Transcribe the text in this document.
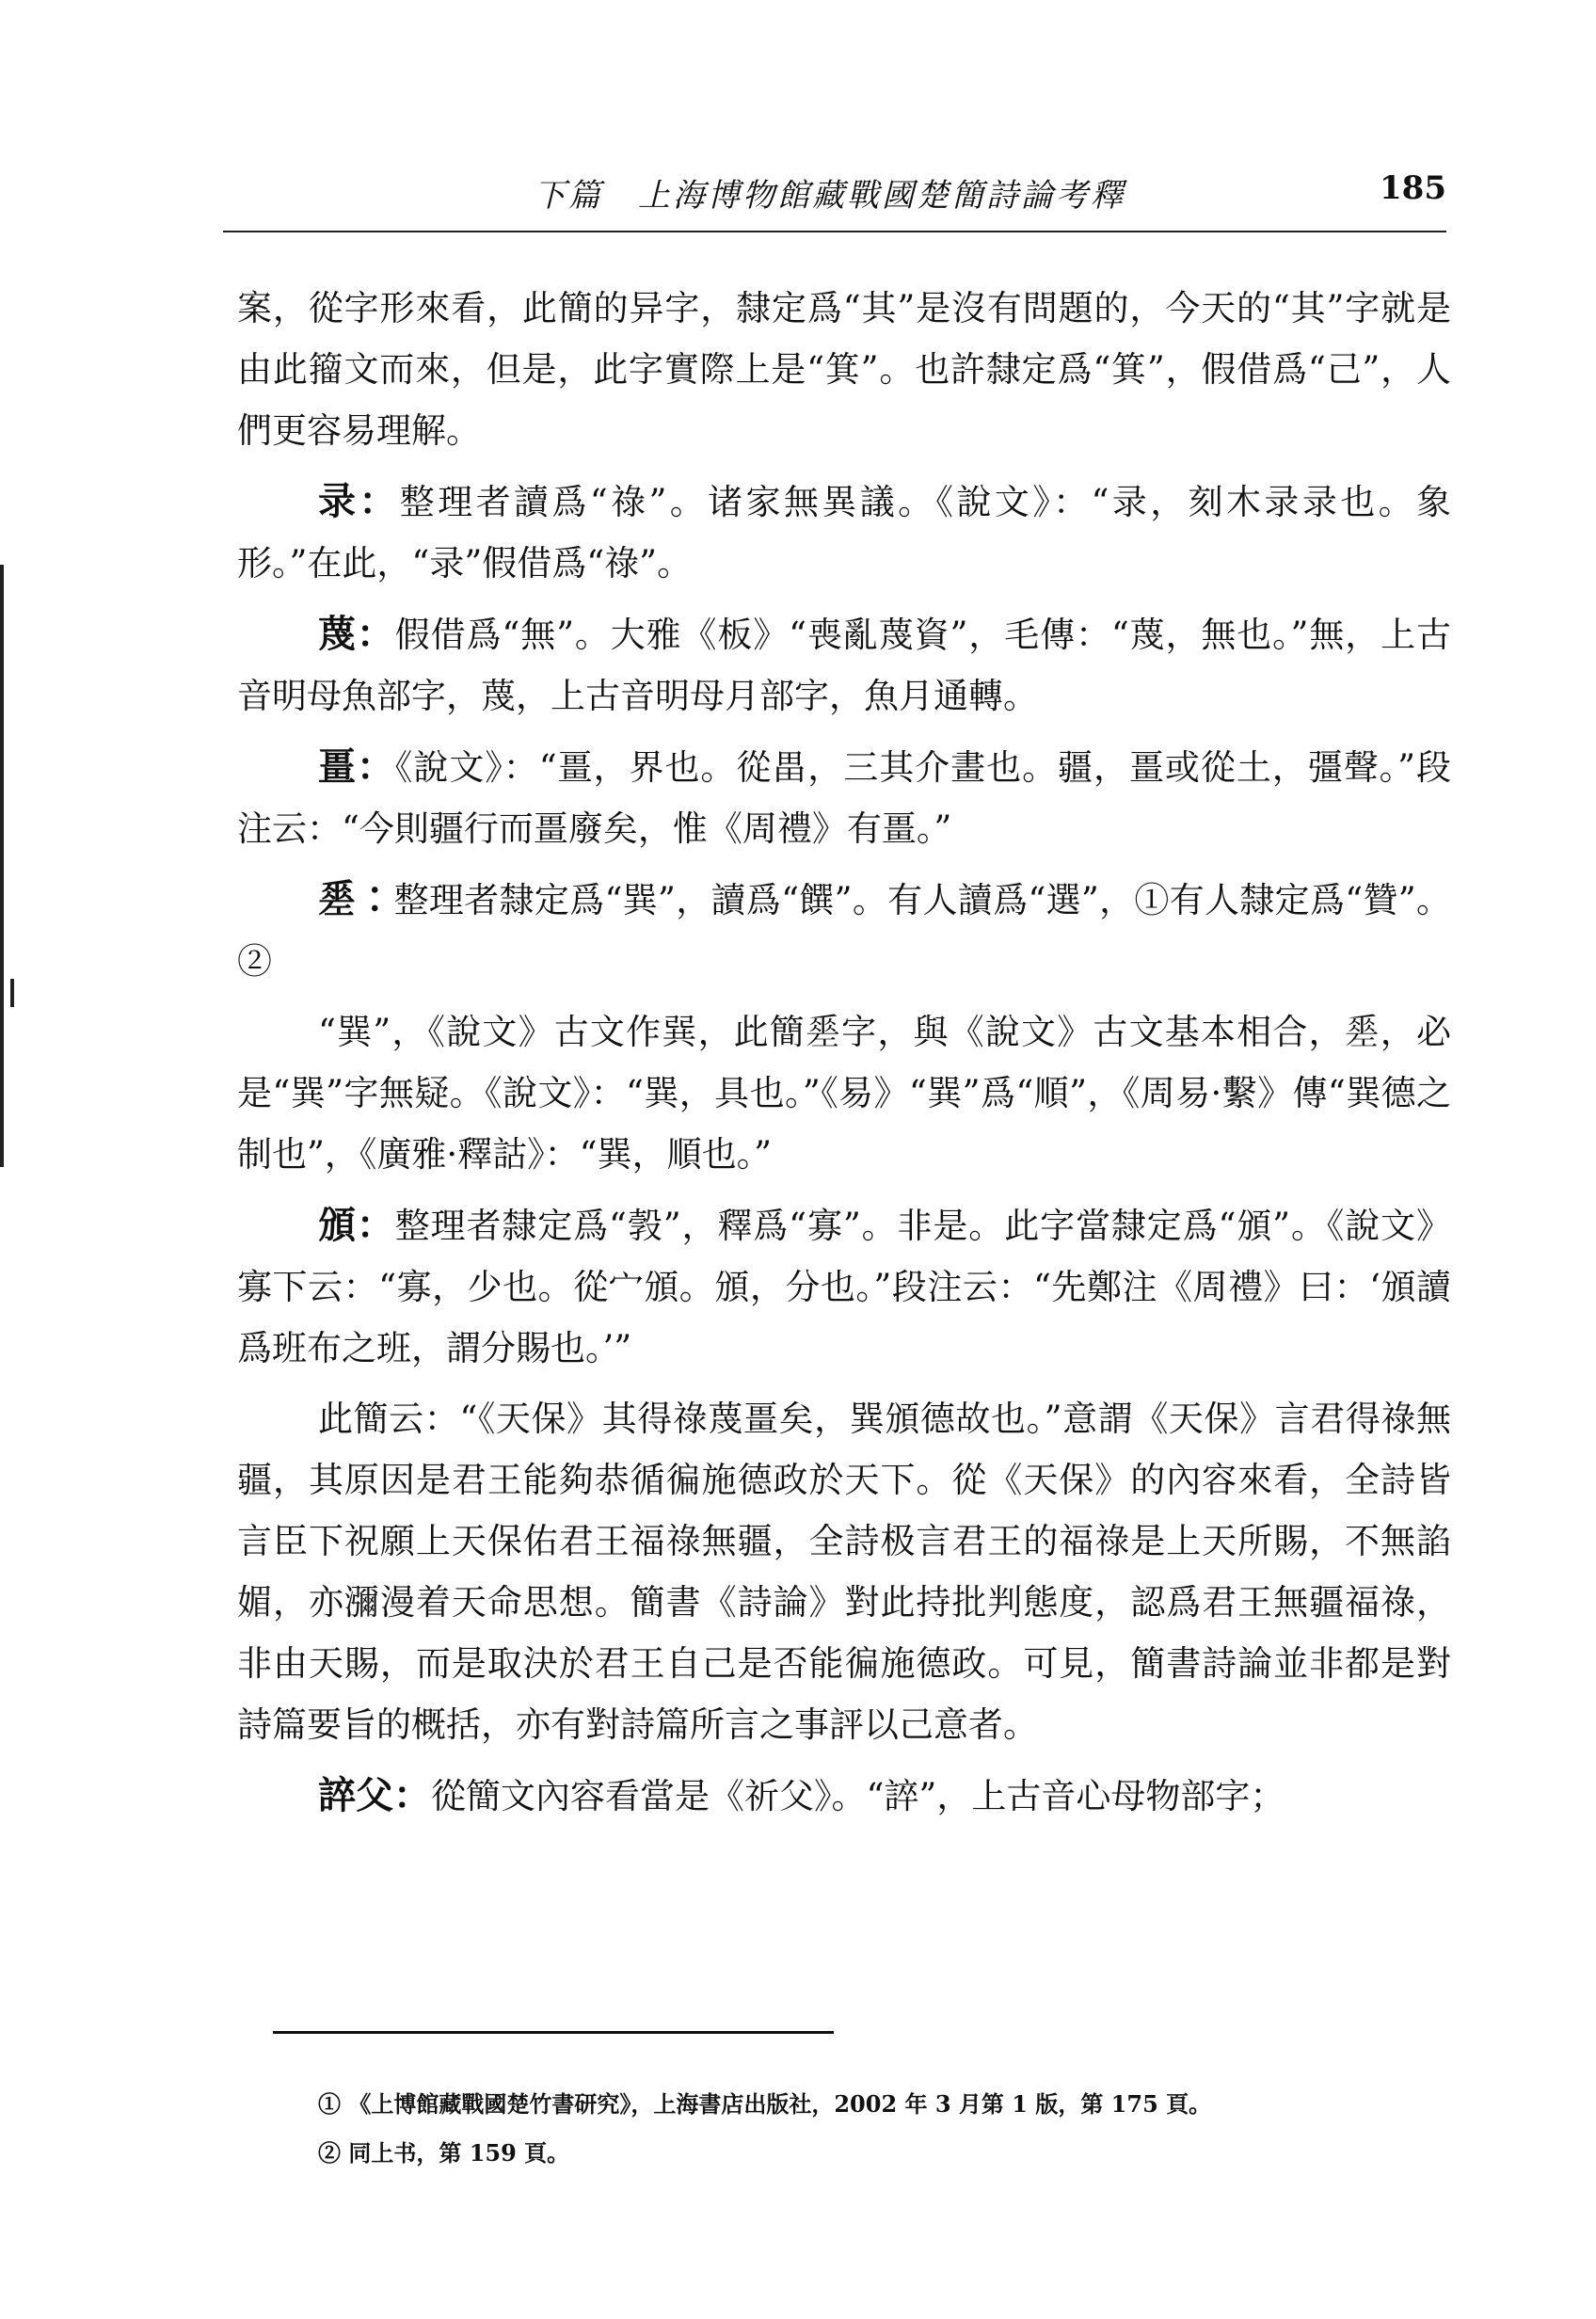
下篇　上海博物館藏戰國楚簡詩論考釋	185

案，從字形來看，此簡的异字，隸定爲“其”是沒有問題的，今天的“其”字就是由此籀文而來，但是，此字實際上是“箕”。也許隸定爲“箕”，假借爲“己”，人們更容易理解。

录：整理者讀爲“祿”。诸家無異議。《說文》：“录，刻木录录也。象形。”在此，“录”假借爲“祿”。

蔑：假借爲“無”。大雅《板》“喪亂蔑資”，毛傳：“蔑，無也。”無，上古音明母魚部字，蔑，上古音明母月部字，魚月通轉。

畺：《說文》：“畺，界也。從畕，三其介畫也。疆，畺或從土，彊聲。”段注云：“今則疆行而畺廢矣，惟《周禮》有畺。”

𢀩：整理者隸定爲“巽”，讀爲“饌”。有人讀爲“選”，①有人隸定爲“贊”。②

“巽”，《說文》古文作𢁉，此簡𢀩字，與《說文》古文基本相合，𢀩，必是“巽”字無疑。《說文》：“巽，具也。”《易》“巽”爲“順”，《周易·繫》傳“巽德之制也”，《廣雅·釋詁》：“巽，順也。”

頒：整理者隸定爲“㝅”，釋爲“寡”。非是。此字當隸定爲“頒”。《說文》寡下云：“寡，少也。從宀頒。頒，分也。”段注云：“先鄭注《周禮》曰：‘頒讀爲班布之班，謂分賜也。’”

此簡云：“《天保》其得祿蔑畺矣，巽頒德故也。”意謂《天保》言君得祿無疆，其原因是君王能夠恭循徧施德政於天下。從《天保》的內容來看，全詩皆言臣下祝願上天保佑君王福祿無疆，全詩极言君王的福祿是上天所賜，不無諂媚，亦瀰漫着天命思想。簡書《詩論》對此持批判態度，認爲君王無疆福祿，非由天賜，而是取決於君王自己是否能徧施德政。可見，簡書詩論並非都是對詩篇要旨的概括，亦有對詩篇所言之事評以己意者。

誶父：從簡文內容看當是《祈父》。“誶”，上古音心母物部字；

① 《上博館藏戰國楚竹書研究》，上海書店出版社，2002 年 3 月第 1 版，第 175 頁。
② 同上书，第 159 頁。
